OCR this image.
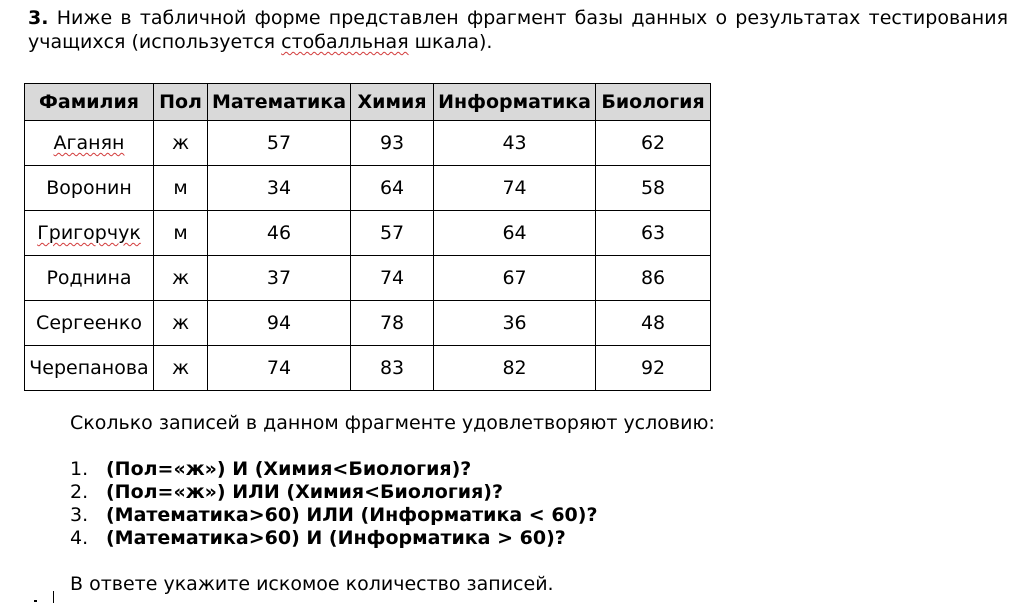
3. Ниже в табличной форме представлен фрагмент базы данных о результатах тестирования учащихся (используется стобалльная шкала).
Фамилия	Пол	Математика	Химия	Информатика	Биология
Аганян	ж	57	93	43	62
Воронин	м	34	64	74	58
Григорчук	м	46	57	64	63
Роднина	ж	37	74	67	86
Сергеенко	ж	94	78	36	48
Черепанова	ж	74	83	82	92
Сколько записей в данном фрагменте удовлетворяют условию:
1. (Пол=«ж») И (Химия<Биология)?
2. (Пол=«ж») ИЛИ (Химия<Биология)?
3. (Математика>60) ИЛИ (Информатика < 60)?
4. (Математика>60) И (Информатика > 60)?
В ответе укажите искомое количество записей.
